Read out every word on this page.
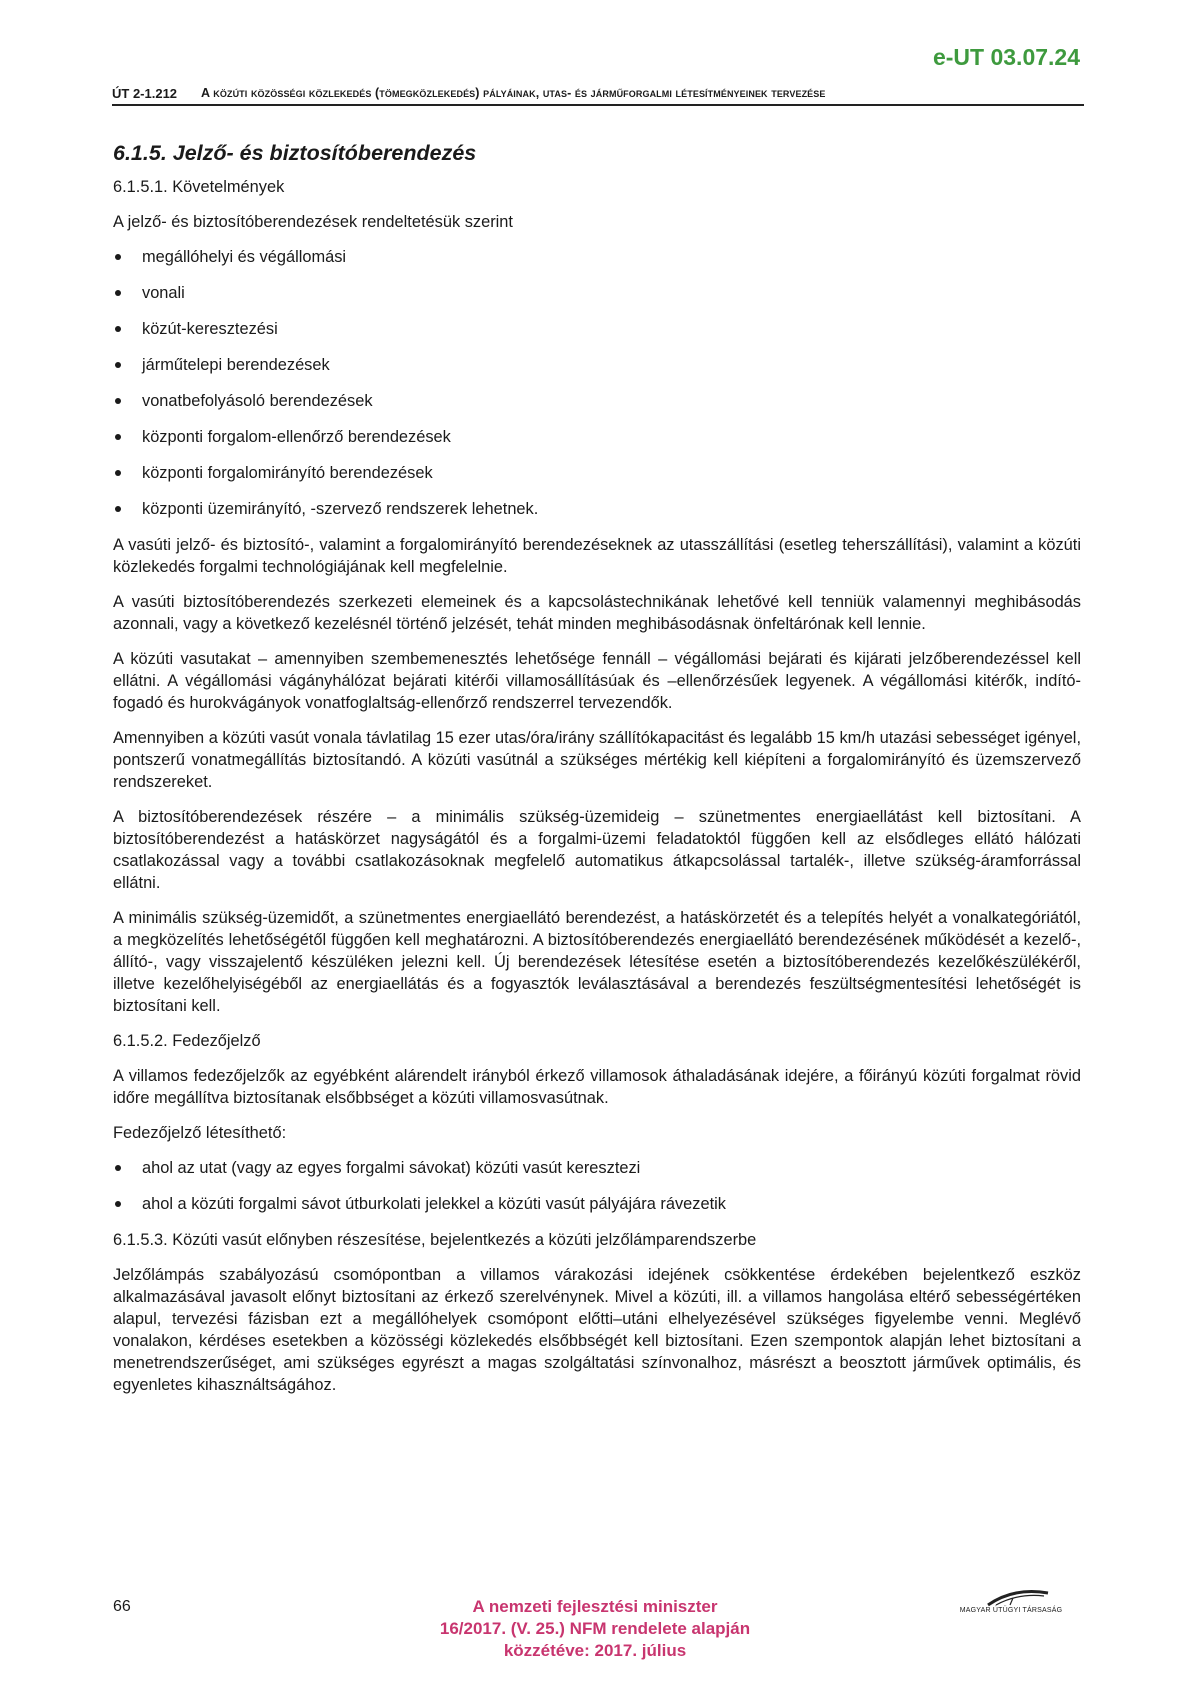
e-UT 03.07.24
ÚT 2-1.212 A közúti közösségi közlekedés (tömegközlekedés) pályáinak, utas- és járműforgalmi létesítményeinek tervezése
6.1.5. Jelző- és biztosítóberendezés
6.1.5.1. Követelmények
A jelző- és biztosítóberendezések rendeltetésük szerint
megállóhelyi és végállomási
vonali
közút-keresztezési
járműtelepi berendezések
vonatbefolyásoló berendezések
központi forgalom-ellenőrző berendezések
központi forgalomirányító berendezések
központi üzemirányító, -szervező rendszerek lehetnek.
A vasúti jelző- és biztosító-, valamint a forgalomirányító berendezéseknek az utasszállítási (esetleg teherszállítási), valamint a közúti közlekedés forgalmi technológiájának kell megfelelnie.
A vasúti biztosítóberendezés szerkezeti elemeinek és a kapcsolástechnikának lehetővé kell tenniük valamennyi meghibásodás azonnali, vagy a következő kezelésnél történő jelzését, tehát minden meghibásodásnak önfeltárónak kell lennie.
A közúti vasutakat – amennyiben szembemenesztés lehetősége fennáll – végállomási bejárati és kijárati jelzőberendezéssel kell ellátni. A végállomási vágányhálózat bejárati kitérői villamosállításúak és –ellenőrzésűek legyenek. A végállomási kitérők, indító-fogadó és hurokvágányok vonatfoglaltság-ellenőrző rendszerrel tervezendők.
Amennyiben a közúti vasút vonala távlatilag 15 ezer utas/óra/irány szállítókapacitást és legalább 15 km/h utazási sebességet igényel, pontszerű vonatmegállítás biztosítandó. A közúti vasútnál a szükséges mértékig kell kiépíteni a forgalomirányító és üzemszervező rendszereket.
A biztosítóberendezések részére – a minimális szükség-üzemideig – szünetmentes energiaellátást kell biztosítani. A biztosítóberendezést a hatáskörzet nagyságától és a forgalmi-üzemi feladatoktól függően kell az elsődleges ellátó hálózati csatlakozással vagy a további csatlakozásoknak megfelelő automatikus átkapcsolással tartalék-, illetve szükség-áramforrással ellátni.
A minimális szükség-üzemidőt, a szünetmentes energiaellátó berendezést, a hatáskörzetét és a telepítés helyét a vonalkategóriától, a megközelítés lehetőségétől függően kell meghatározni. A biztosítóberendezés energiaellátó berendezésének működését a kezelő-, állító-, vagy visszajelentő készüléken jelezni kell. Új berendezések létesítése esetén a biztosítóberendezés kezelőkészülékéről, illetve kezelőhelyiségéből az energiaellátás és a fogyasztók leválasztásával a berendezés feszültségmentesítési lehetőségét is biztosítani kell.
6.1.5.2. Fedezőjelző
A villamos fedezőjelzők az egyébként alárendelt irányból érkező villamosok áthaladásának idejére, a főirányú közúti forgalmat rövid időre megállítva biztosítanak elsőbbséget a közúti villamosvasútnak.
Fedezőjelző létesíthető:
ahol az utat (vagy az egyes forgalmi sávokat) közúti vasút keresztezi
ahol a közúti forgalmi sávot útburkolati jelekkel a közúti vasút pályájára rávezetik
6.1.5.3. Közúti vasút előnyben részesítése, bejelentkezés a közúti jelzőlámparendszerbe
Jelzőlámpás szabályozású csomópontban a villamos várakozási idejének csökkentése érdekében bejelentkező eszköz alkalmazásával javasolt előnyt biztosítani az érkező szerelvénynek. Mivel a közúti, ill. a villamos hangolása eltérő sebességértéken alapul, tervezési fázisban ezt a megállóhelyek csomópont előtti–utáni elhelyezésével szükséges figyelembe venni. Meglévő vonalakon, kérdéses esetekben a közösségi közlekedés elsőbbségét kell biztosítani. Ezen szempontok alapján lehet biztosítani a menetrendszerűséget, ami szükséges egyrészt a magas szolgáltatási színvonalhoz, másrészt a beosztott járművek optimális, és egyenletes kihasználtságához.
66	A nemzeti fejlesztési miniszter
16/2017. (V. 25.) NFM rendelete alapján
közzétéve: 2017. július
MAGYAR ÚTÜGYI TÁRSASÁG
